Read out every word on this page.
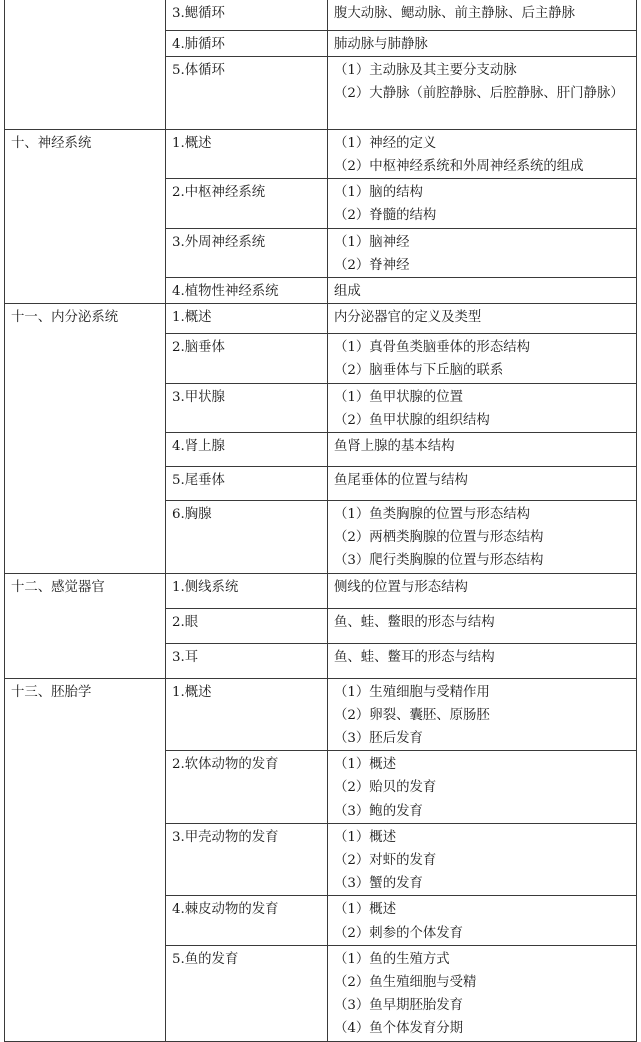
	3.鳃循环	腹大动脉、鳃动脉、前主静脉、后主静脉

	4.肺循环	肺动脉与肺静脉

	5.体循环	（1）主动脉及其主要分支动脉
（2）大静脉（前腔静脉、后腔静脉、肝门静脉）

十、神经系统	1.概述	（1）神经的定义
（2）中枢神经系统和外周神经系统的组成

	2.中枢神经系统	（1）脑的结构
（2）脊髓的结构

	3.外周神经系统	（1）脑神经
（2）脊神经

	4.植物性神经系统	组成

十一、内分泌系统	1.概述	内分泌器官的定义及类型

	2.脑垂体	（1）真骨鱼类脑垂体的形态结构
（2）脑垂体与下丘脑的联系

	3.甲状腺	（1）鱼甲状腺的位置
（2）鱼甲状腺的组织结构

	4.肾上腺	鱼肾上腺的基本结构

	5.尾垂体	鱼尾垂体的位置与结构

	6.胸腺	（1）鱼类胸腺的位置与形态结构
（2）两栖类胸腺的位置与形态结构
（3）爬行类胸腺的位置与形态结构

十二、感觉器官	1.侧线系统	侧线的位置与形态结构

	2.眼	鱼、蛙、鳖眼的形态与结构

	3.耳	鱼、蛙、鳖耳的形态与结构

十三、胚胎学	1.概述	（1）生殖细胞与受精作用
（2）卵裂、囊胚、原肠胚
（3）胚后发育

	2.软体动物的发育	（1）概述
（2）贻贝的发育
（3）鲍的发育

	3.甲壳动物的发育	（1）概述
（2）对虾的发育
（3）蟹的发育

	4.棘皮动物的发育	（1）概述
（2）刺参的个体发育

	5.鱼的发育	（1）鱼的生殖方式
（2）鱼生殖细胞与受精
（3）鱼早期胚胎发育
（4）鱼个体发育分期
